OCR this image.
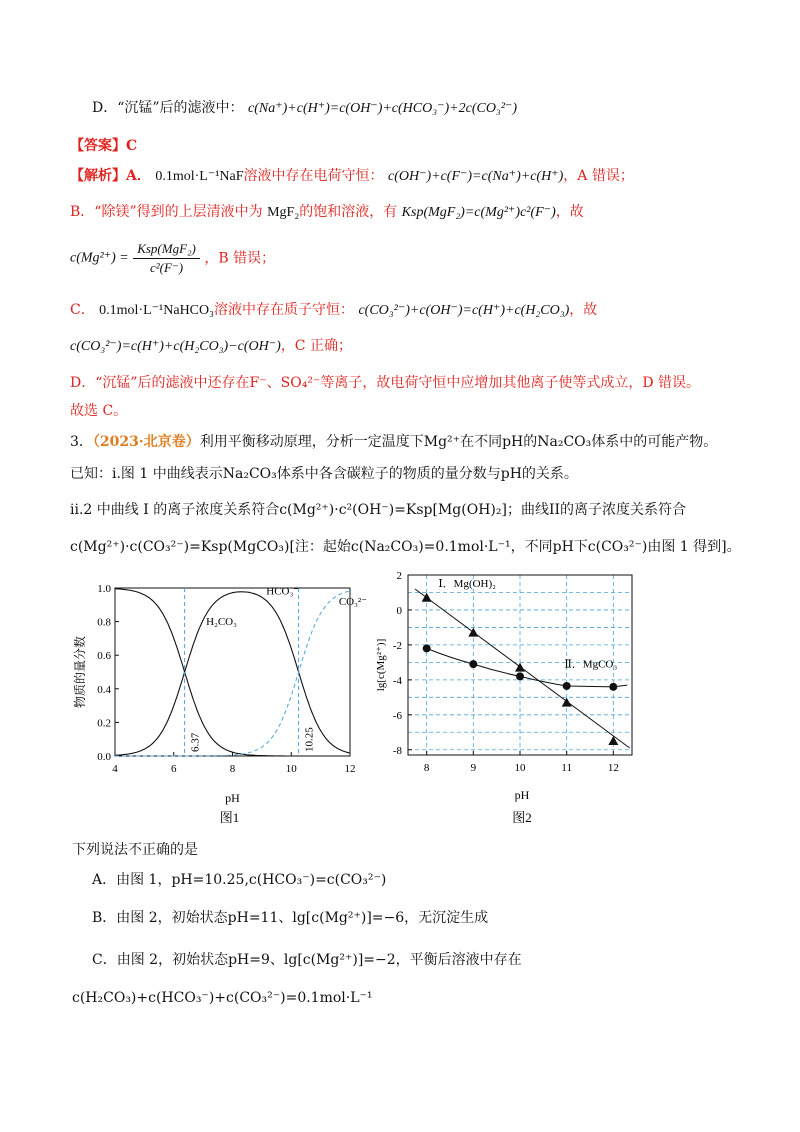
D．“沉锰”后的滤液中： c(Na⁺)+c(H⁺)=c(OH⁻)+c(HCO₃⁻)+2c(CO₃²⁻)
【答案】C
【解析】A． 0.1mol·L⁻¹NaF溶液中存在电荷守恒： c(OH⁻)+c(F⁻)=c(Na⁺)+c(H⁺)，A 错误；
B．“除镁”得到的上层清液中为 MgF₂的饱和溶液，有 Ksp(MgF₂)=c(Mg²⁺)c²(F⁻)，故
$c(Mg^{2+}) = \frac{\text{Ksp(MgF₂)}}{\text{c²(F⁻)}}$ ，B 错误；
C． 0.1mol·L⁻¹NaHCO₃溶液中存在质子守恒： c(CO₃²⁻)+c(OH⁻)=c(H⁺)+c(H₂CO₃)，故
c(CO₃²⁻)=c(H⁺)+c(H₂CO₃)−c(OH⁻)，C 正确；
D．“沉锰”后的滤液中还存在F⁻、SO₄²⁻等离子，故电荷守恒中应增加其他离子使等式成立，D 错误。
故选 C。
3．（2023·北京卷）利用平衡移动原理，分析一定温度下Mg²⁺在不同pH的Na₂CO₃体系中的可能产物。
已知：i.图 1 中曲线表示Na₂CO₃体系中各含碳粒子的物质的量分数与pH的关系。
ii.2 中曲线 I 的离子浓度关系符合c(Mg²⁺)·c²(OH⁻)=Ksp[Mg(OH)₂]；曲线II的离子浓度关系符合
c(Mg²⁺)·c(CO₃²⁻)=Ksp(MgCO₃)[注：起始c(Na₂CO₃)=0.1mol·L⁻¹，不同pH下c(CO₃²⁻)由图 1 得到]。
4	6	8	10	12
0.0
0.2
0.4
0.6
0.8
1.0
pH
物质的量分数
图1
6.37	10.25
H₂CO₃
HCO₃⁻
CO₃²⁻
8	9	10	11	12
2
0
-2
-4
-6
-8
pH
lg[c(Mg²⁺)]
图2
Ⅰ．Mg(OH)₂
Ⅱ．MgCO₃
下列说法不正确的是
A．由图 1，pH=10.25,c(HCO₃⁻)=c(CO₃²⁻)
B．由图 2，初始状态pH=11、lg[c(Mg²⁺)]=−6，无沉淀生成
C．由图 2，初始状态pH=9、lg[c(Mg²⁺)]=−2，平衡后溶液中存在
c(H₂CO₃)+c(HCO₃⁻)+c(CO₃²⁻)=0.1mol·L⁻¹
